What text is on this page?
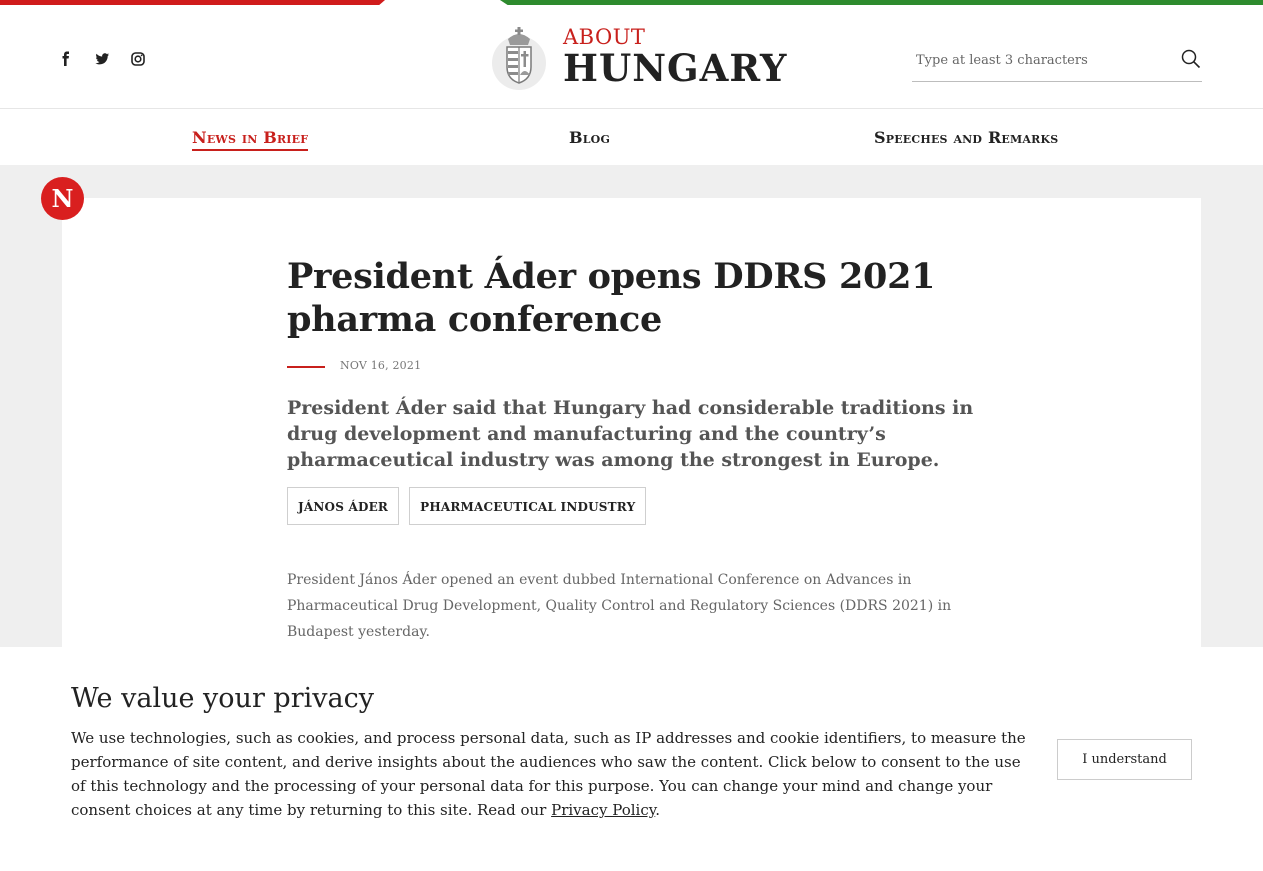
ABOUT
HUNGARY
Type at least 3 characters
News in Brief	Blog	Speeches and Remarks
N
President Áder opens DDRS 2021 pharma conference
NOV 16, 2021
President Áder said that Hungary had considerable traditions in drug development and manufacturing and the country’s pharmaceutical industry was among the strongest in Europe.
JÁNOS ÁDER	PHARMACEUTICAL INDUSTRY
President János Áder opened an event dubbed International Conference on Advances in Pharmaceutical Drug Development, Quality Control and Regulatory Sciences (DDRS 2021) in Budapest yesterday.
We value your privacy

We use technologies, such as cookies, and process personal data, such as IP addresses and cookie identifiers, to measure the performance of site content, and derive insights about the audiences who saw the content. Click below to consent to the use of this technology and the processing of your personal data for this purpose. You can change your mind and change your consent choices at any time by returning to this site. Read our Privacy Policy.

I understand
